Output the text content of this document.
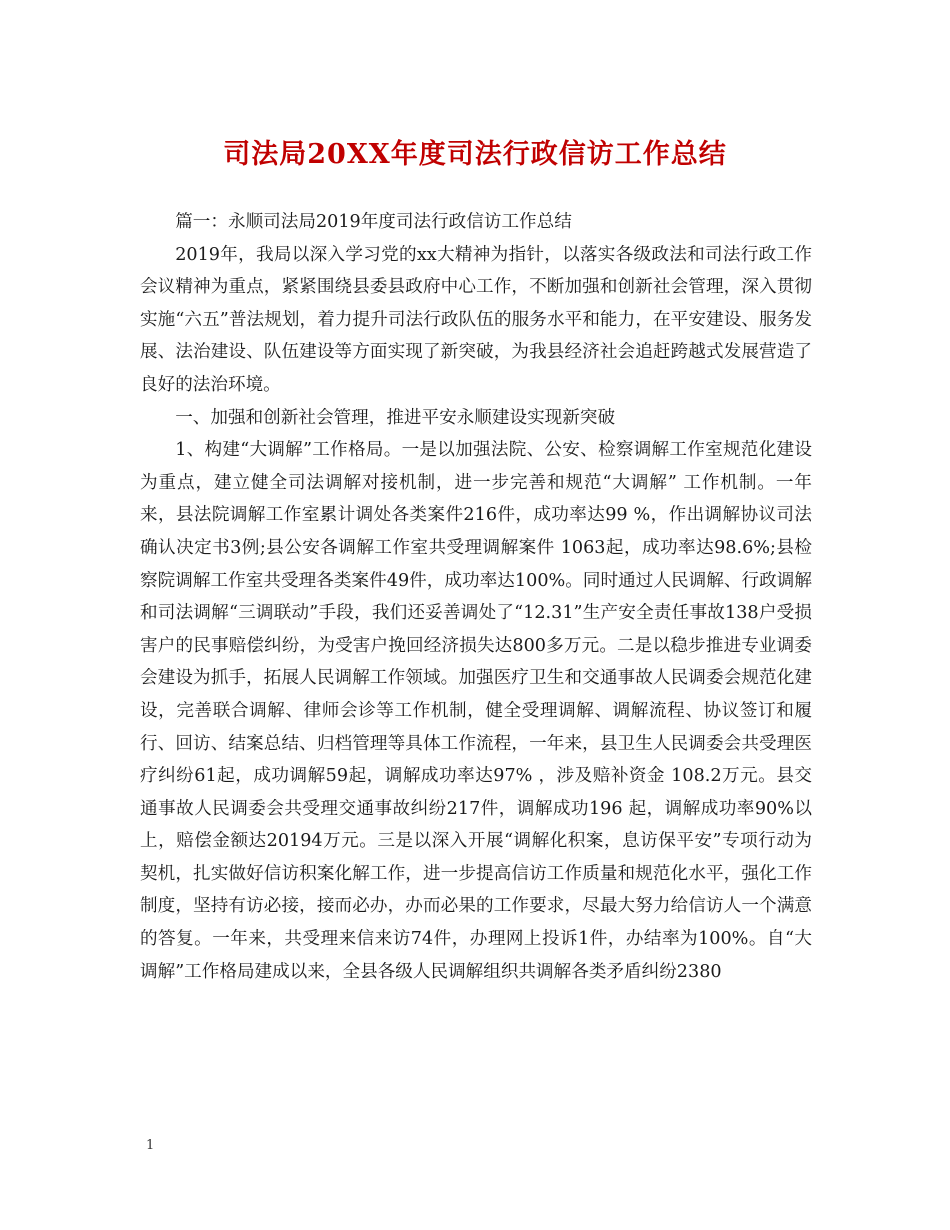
司法局20XX年度司法行政信访工作总结

篇一：永顺司法局2019年度司法行政信访工作总结

2019年，我局以深入学习党的xx大精神为指针，以落实各级政法和司法行政工作会议精神为重点，紧紧围绕县委县政府中心工作，不断加强和创新社会管理，深入贯彻实施“六五”普法规划，着力提升司法行政队伍的服务水平和能力，在平安建设、服务发展、法治建设、队伍建设等方面实现了新突破，为我县经济社会追赶跨越式发展营造了良好的法治环境。

一、加强和创新社会管理，推进平安永顺建设实现新突破

1、构建“大调解”工作格局。一是以加强法院、公安、检察调解工作室规范化建设为重点，建立健全司法调解对接机制，进一步完善和规范“大调解” 工作机制。一年来，县法院调解工作室累计调处各类案件216件，成功率达99 %，作出调解协议司法确认决定书3例;县公安各调解工作室共受理调解案件 1063起，成功率达98.6%;县检察院调解工作室共受理各类案件49件，成功率达100%。同时通过人民调解、行政调解和司法调解“三调联动”手段，我们还妥善调处了“12.31”生产安全责任事故138户受损害户的民事赔偿纠纷，为受害户挽回经济损失达800多万元。二是以稳步推进专业调委会建设为抓手，拓展人民调解工作领域。加强医疗卫生和交通事故人民调委会规范化建设，完善联合调解、律师会诊等工作机制，健全受理调解、调解流程、协议签订和履行、回访、结案总结、归档管理等具体工作流程，一年来，县卫生人民调委会共受理医疗纠纷61起，成功调解59起，调解成功率达97% ，涉及赔补资金 108.2万元。县交通事故人民调委会共受理交通事故纠纷217件，调解成功196 起，调解成功率90%以上，赔偿金额达20194万元。三是以深入开展“调解化积案，息访保平安”专项行动为契机，扎实做好信访积案化解工作，进一步提高信访工作质量和规范化水平，强化工作制度，坚持有访必接，接而必办，办而必果的工作要求，尽最大努力给信访人一个满意的答复。一年来，共受理来信来访74件，办理网上投诉1件，办结率为100%。自“大调解”工作格局建成以来，全县各级人民调解组织共调解各类矛盾纠纷2380

1
